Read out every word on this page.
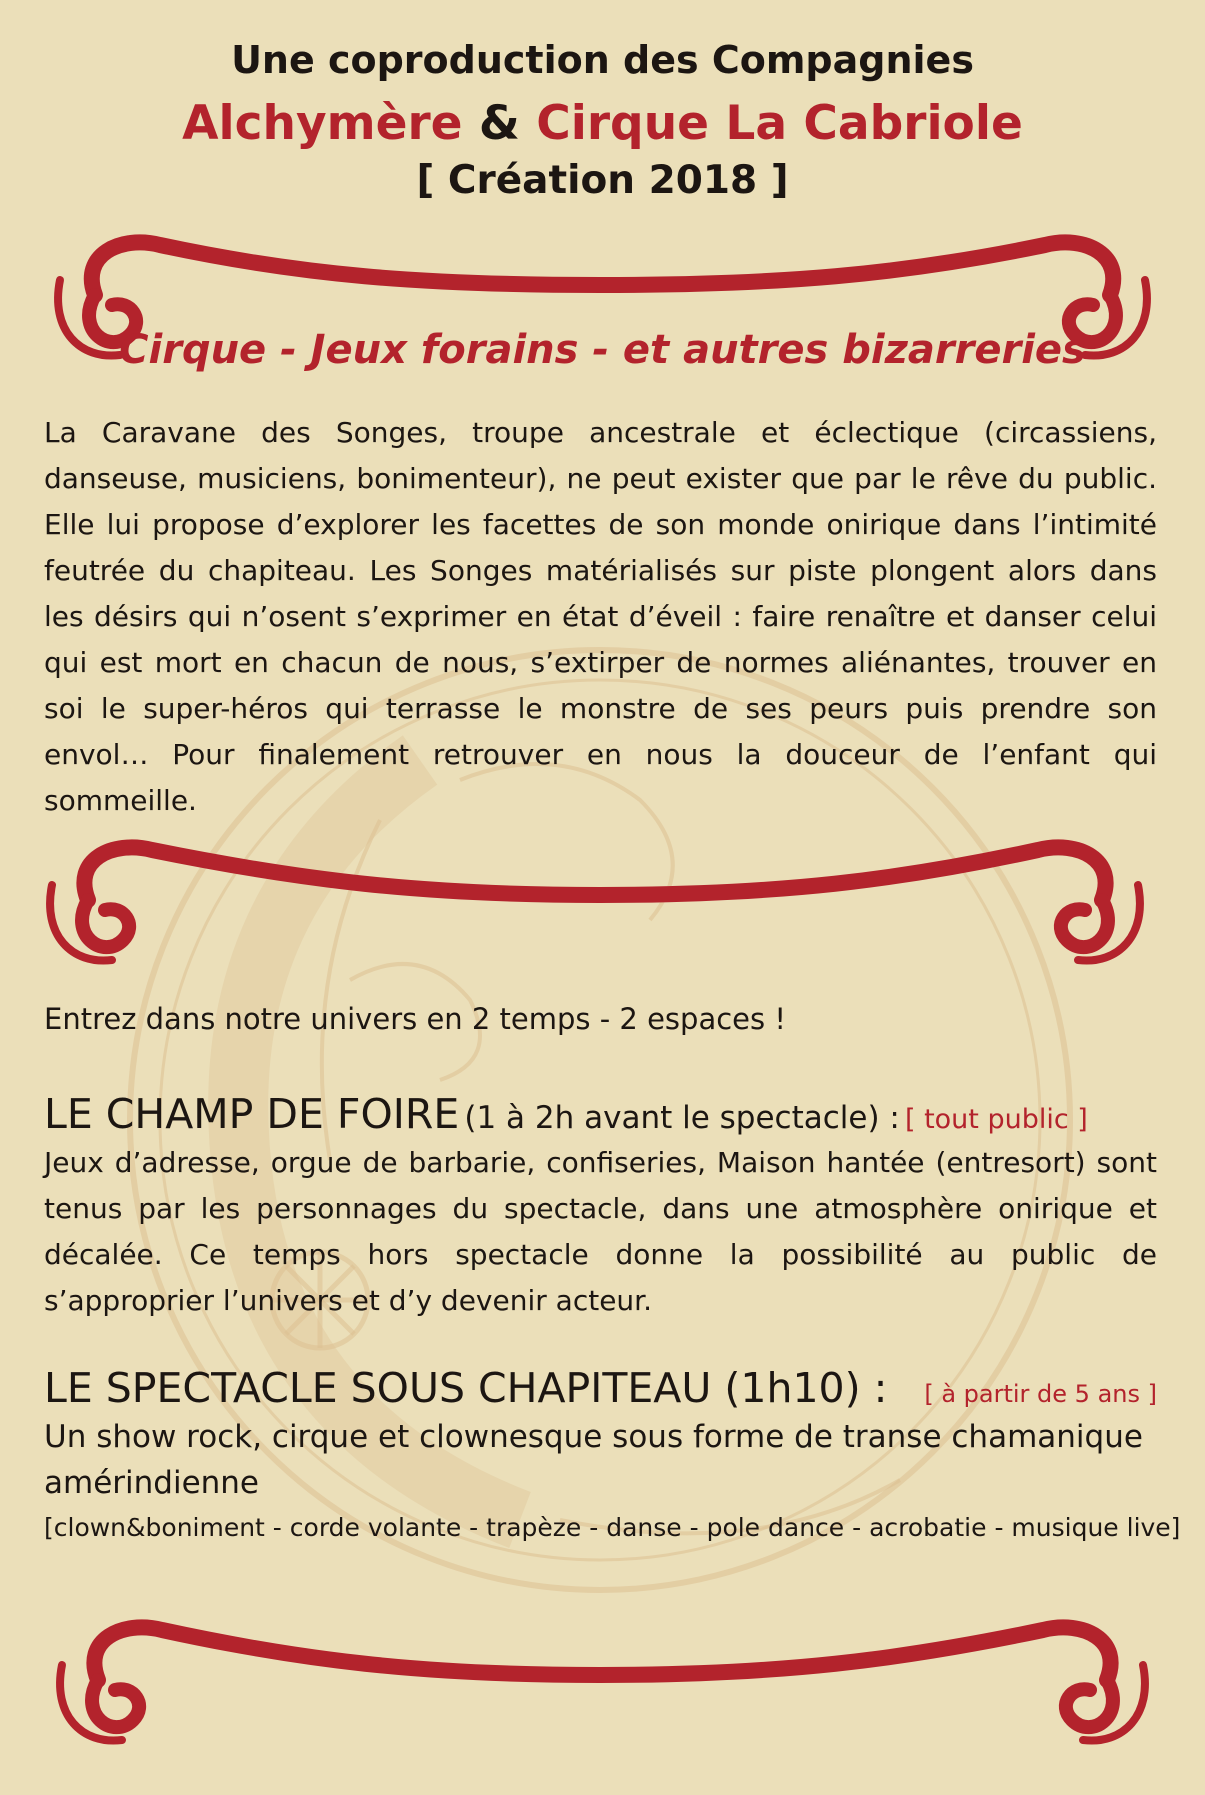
Une coproduction des Compagnies
Alchymère & Cirque La Cabriole
[ Création 2018 ]
Cirque - Jeux forains - et autres bizarreries
La Caravane des Songes, troupe ancestrale et éclectique (circassiens, danseuse, musiciens, bonimenteur), ne peut exister que par le rêve du public. Elle lui propose d’explorer les facettes de son monde onirique dans l’intimité feutrée du chapiteau. Les Songes matérialisés sur piste plongent alors dans les désirs qui n’osent s’exprimer en état d’éveil : faire renaître et danser celui qui est mort en chacun de nous, s’extirper de normes aliénantes, trouver en soi le super-héros qui terrasse le monstre de ses peurs puis prendre son envol… Pour finalement retrouver en nous la douceur de l’enfant qui sommeille.
Entrez dans notre univers en 2 temps - 2 espaces !
LE CHAMP DE FOIRE (1 à 2h avant le spectacle) : [ tout public ]
Jeux d’adresse, orgue de barbarie, confiseries, Maison hantée (entresort) sont tenus par les personnages du spectacle, dans une atmosphère onirique et décalée. Ce temps hors spectacle donne la possibilité au public de s’approprier l’univers et d’y devenir acteur.
LE SPECTACLE SOUS CHAPITEAU (1h10) : [ à partir de 5 ans ]
Un show rock, cirque et clownesque sous forme de transe chamanique amérindienne
[clown&boniment - corde volante - trapèze - danse - pole dance - acrobatie - musique live]
